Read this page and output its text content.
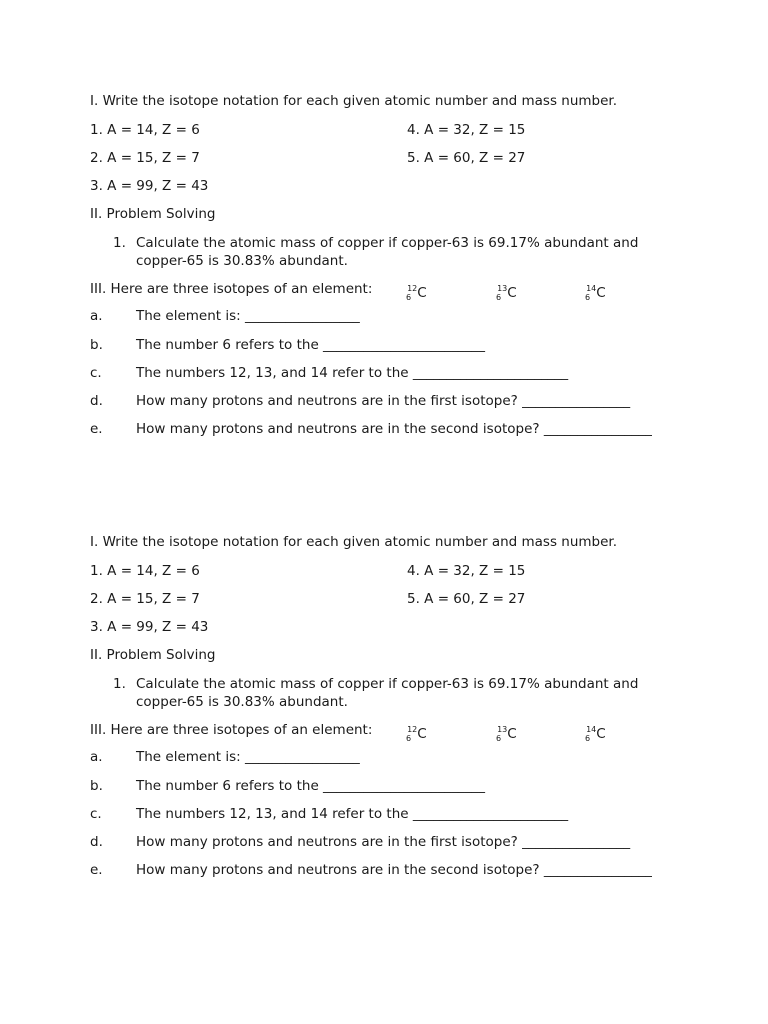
I. Write the isotope notation for each given atomic number and mass number.
1. A = 14, Z = 6	4. A = 32, Z = 15
2. A = 15, Z = 7	5. A = 60, Z = 27
3. A = 99, Z = 43
II. Problem Solving
1. Calculate the atomic mass of copper if copper-63 is 69.17% abundant and copper-65 is 30.83% abundant.
III. Here are three isotopes of an element:
$_6^{12}$C	$_6^{13}$C	$_6^{14}$C
a. The element is: _________________
b. The number 6 refers to the ________________________
c.	The numbers 12, 13, and 14 refer to the _______________________
d. How many protons and neutrons are in the first isotope? ________________
e. How many protons and neutrons are in the second isotope? ________________
I. Write the isotope notation for each given atomic number and mass number.
1. A = 14, Z = 6	4. A = 32, Z = 15
2. A = 15, Z = 7	5. A = 60, Z = 27
3. A = 99, Z = 43
II. Problem Solving
1. Calculate the atomic mass of copper if copper-63 is 69.17% abundant and copper-65 is 30.83% abundant.
III. Here are three isotopes of an element:
$_6^{12}$C	$_6^{13}$C	$_6^{14}$C
a. The element is: _________________
b. The number 6 refers to the ________________________
c.	The numbers 12, 13, and 14 refer to the _______________________
d. How many protons and neutrons are in the first isotope? ________________
e. How many protons and neutrons are in the second isotope? ________________
